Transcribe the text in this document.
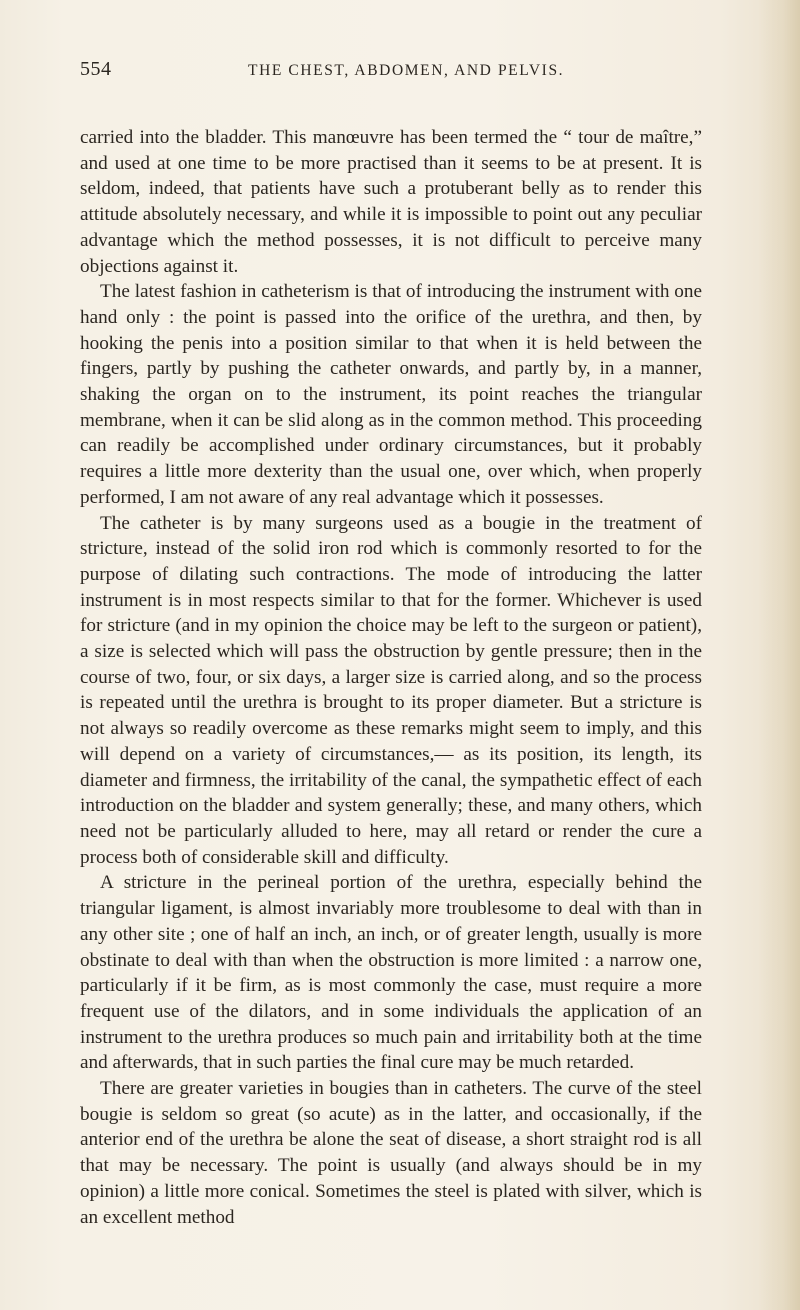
554	THE CHEST, ABDOMEN, AND PELVIS.

carried into the bladder. This manœuvre has been termed the “ tour de maître,” and used at one time to be more practised than it seems to be at present. It is seldom, indeed, that patients have such a protuberant belly as to render this attitude absolutely necessary, and while it is impossible to point out any peculiar advantage which the method possesses, it is not difficult to perceive many objections against it.

The latest fashion in catheterism is that of introducing the instrument with one hand only : the point is passed into the orifice of the urethra, and then, by hooking the penis into a position similar to that when it is held between the fingers, partly by pushing the catheter onwards, and partly by, in a manner, shaking the organ on to the instrument, its point reaches the triangular membrane, when it can be slid along as in the common method. This proceeding can readily be accomplished under ordinary circumstances, but it probably requires a little more dexterity than the usual one, over which, when properly performed, I am not aware of any real advantage which it possesses.

The catheter is by many surgeons used as a bougie in the treatment of stricture, instead of the solid iron rod which is commonly resorted to for the purpose of dilating such contractions. The mode of introducing the latter instrument is in most respects similar to that for the former. Whichever is used for stricture (and in my opinion the choice may be left to the surgeon or patient), a size is selected which will pass the obstruction by gentle pressure; then in the course of two, four, or six days, a larger size is carried along, and so the process is repeated until the urethra is brought to its proper diameter. But a stricture is not always so readily overcome as these remarks might seem to imply, and this will depend on a variety of circumstances,— as its position, its length, its diameter and firmness, the irritability of the canal, the sympathetic effect of each introduction on the bladder and system generally; these, and many others, which need not be particularly alluded to here, may all retard or render the cure a process both of considerable skill and difficulty.

A stricture in the perineal portion of the urethra, especially behind the triangular ligament, is almost invariably more troublesome to deal with than in any other site ; one of half an inch, an inch, or of greater length, usually is more obstinate to deal with than when the obstruction is more limited : a narrow one, particularly if it be firm, as is most commonly the case, must require a more frequent use of the dilators, and in some individuals the application of an instrument to the urethra produces so much pain and irritability both at the time and afterwards, that in such parties the final cure may be much retarded.

There are greater varieties in bougies than in catheters. The curve of the steel bougie is seldom so great (so acute) as in the latter, and occasionally, if the anterior end of the urethra be alone the seat of disease, a short straight rod is all that may be necessary. The point is usually (and always should be in my opinion) a little more conical. Sometimes the steel is plated with silver, which is an excellent method
